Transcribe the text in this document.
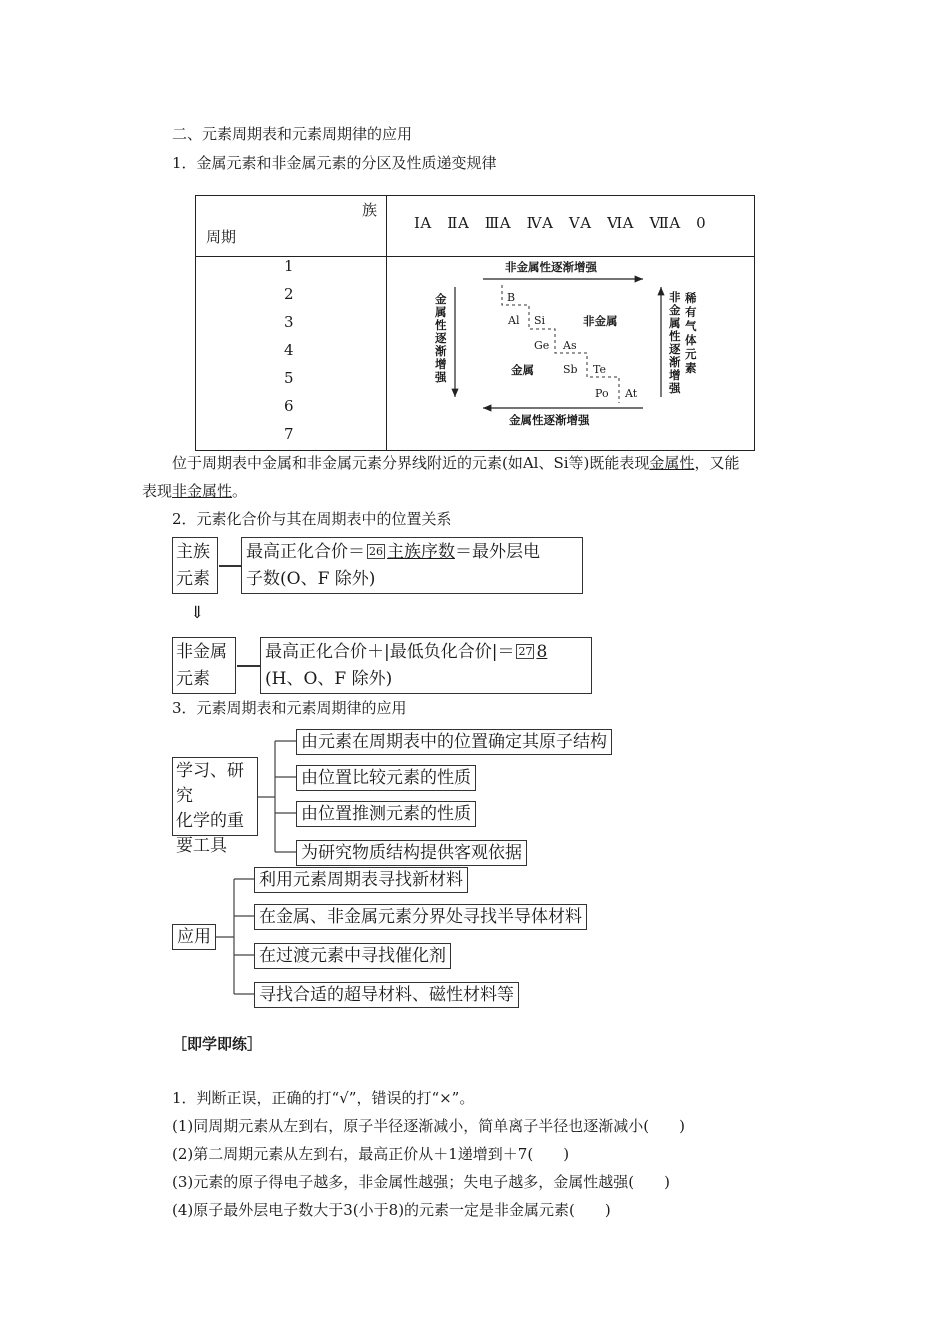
二、元素周期表和元素周期律的应用
1．金属元素和非金属元素的分区及性质递变规律
族
周期
ⅠA　ⅡA　ⅢA　ⅣA　ⅤA　ⅥA　ⅦA　0
1
2
3
4
5
6
7
非金属性逐渐增强
金属性逐渐增强
金属性逐渐增强
非金属性逐渐增强
稀有气体元素
非金属
金属
B
Al Si
Ge As
Sb Te
Po At
位于周期表中金属和非金属元素分界线附近的元素(如Al、Si等)既能表现金属性，又能
表现非金属性。
2．元素化合价与其在周期表中的位置关系
主族
元素
最高正化合价＝ 26 主族序数＝最外层电
子数(O、F 除外)
⇓
非金属
元素
最高正化合价＋|最低负化合价|＝ 27 8
(H、O、F 除外)
3．元素周期表和元素周期律的应用
学习、研究
化学的重
要工具
由元素在周期表中的位置确定其原子结构
由位置比较元素的性质
由位置推测元素的性质
为研究物质结构提供客观依据
应用
利用元素周期表寻找新材料
在金属、非金属元素分界处寻找半导体材料
在过渡元素中寻找催化剂
寻找合适的超导材料、磁性材料等
［即学即练］
1．判断正误，正确的打“√”，错误的打“×”。
(1)同周期元素从左到右，原子半径逐渐减小，简单离子半径也逐渐减小(　　)
(2)第二周期元素从左到右，最高正价从＋1递增到＋7(　　)
(3)元素的原子得电子越多，非金属性越强；失电子越多，金属性越强(　　)
(4)原子最外层电子数大于3(小于8)的元素一定是非金属元素(　　)
